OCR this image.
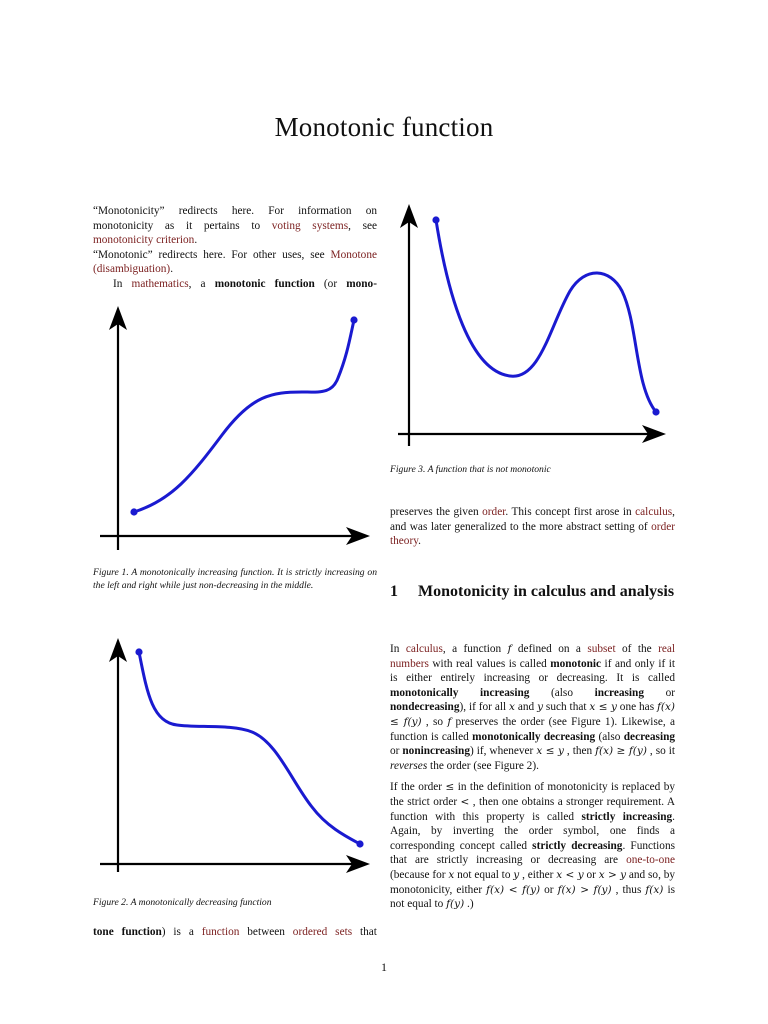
Monotonic function

“Monotonicity” redirects here. For information on monotonicity as it pertains to voting systems, see monotonicity criterion.

“Monotonic” redirects here. For other uses, see Monotone (disambiguation).

In mathematics, a monotonic function (or mono-

Figure 1. A monotonically increasing function. It is strictly increasing on the left and right while just non-decreasing in the middle.
Figure 2. A monotonically decreasing function

tone function) is a function between ordered sets that

Figure 3. A function that is not monotonic

preserves the given order. This concept first arose in calculus, and was later generalized to the more abstract setting of order theory.

1	Monotonicity in calculus and analysis

In calculus, a function f defined on a subset of the real numbers with real values is called monotonic if and only if it is either entirely increasing or decreasing. It is called monotonically increasing (also increasing or nondecreasing), if for all x and y such that x ≤ y one has f(x) ≤ f(y) , so f preserves the order (see Figure 1). Likewise, a function is called monotonically decreasing (also decreasing or nonincreasing) if, whenever x ≤ y , then f(x) ≥ f(y) , so it reverses the order (see Figure 2).

If the order ≤ in the definition of monotonicity is replaced by the strict order < , then one obtains a stronger requirement. A function with this property is called strictly increasing. Again, by inverting the order symbol, one finds a corresponding concept called strictly decreasing. Functions that are strictly increasing or decreasing are one-to-one (because for x not equal to y , either x < y or x > y and so, by monotonicity, either f(x) < f(y) or f(x) > f(y) , thus f(x) is not equal to f(y) .)

1
